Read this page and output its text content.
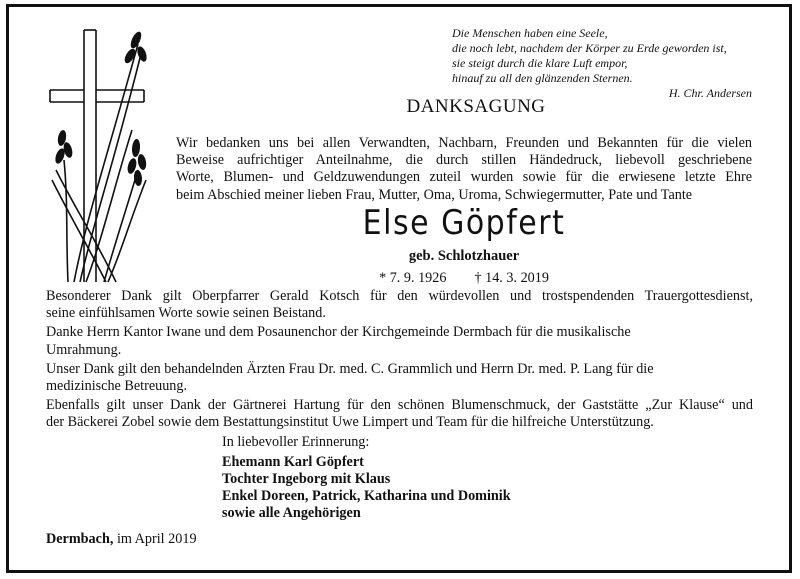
Die Menschen haben eine Seele,
die noch lebt, nachdem der Körper zu Erde geworden ist,
sie steigt durch die klare Luft empor,
hinauf zu all den glänzenden Sternen.
H. Chr. Andersen
DANKSAGUNG
Wir bedanken uns bei allen Verwandten, Nachbarn, Freunden und Bekannten für die vielen
Beweise aufrichtiger Anteilnahme, die durch stillen Händedruck, liebevoll geschriebene
Worte, Blumen- und Geldzuwendungen zuteil wurden sowie für die erwiesene letzte Ehre
beim Abschied meiner lieben Frau, Mutter, Oma, Uroma, Schwiegermutter, Pate und Tante
Else Göpfert
geb. Schlotzhauer
* 7. 9. 1926 † 14. 3. 2019

Besonderer Dank gilt Oberpfarrer Gerald Kotsch für den würdevollen und trostspendenden Trauergottesdienst,
seine einfühlsamen Worte sowie seinen Beistand.

Danke Herrn Kantor Iwane und dem Posaunenchor der Kirchgemeinde Dermbach für die musikalische
Umrahmung.

Unser Dank gilt den behandelnden Ärzten Frau Dr. med. C. Grammlich und Herrn Dr. med. P. Lang für die
medizinische Betreuung.

Ebenfalls gilt unser Dank der Gärtnerei Hartung für den schönen Blumenschmuck, der Gaststätte „Zur Klause“ und
der Bäckerei Zobel sowie dem Bestattungsinstitut Uwe Limpert und Team für die hilfreiche Unterstützung.

In liebevoller Erinnerung:
Ehemann Karl Göpfert
Tochter Ingeborg mit Klaus
Enkel Doreen, Patrick, Katharina und Dominik
sowie alle Angehörigen
Dermbach, im April 2019
